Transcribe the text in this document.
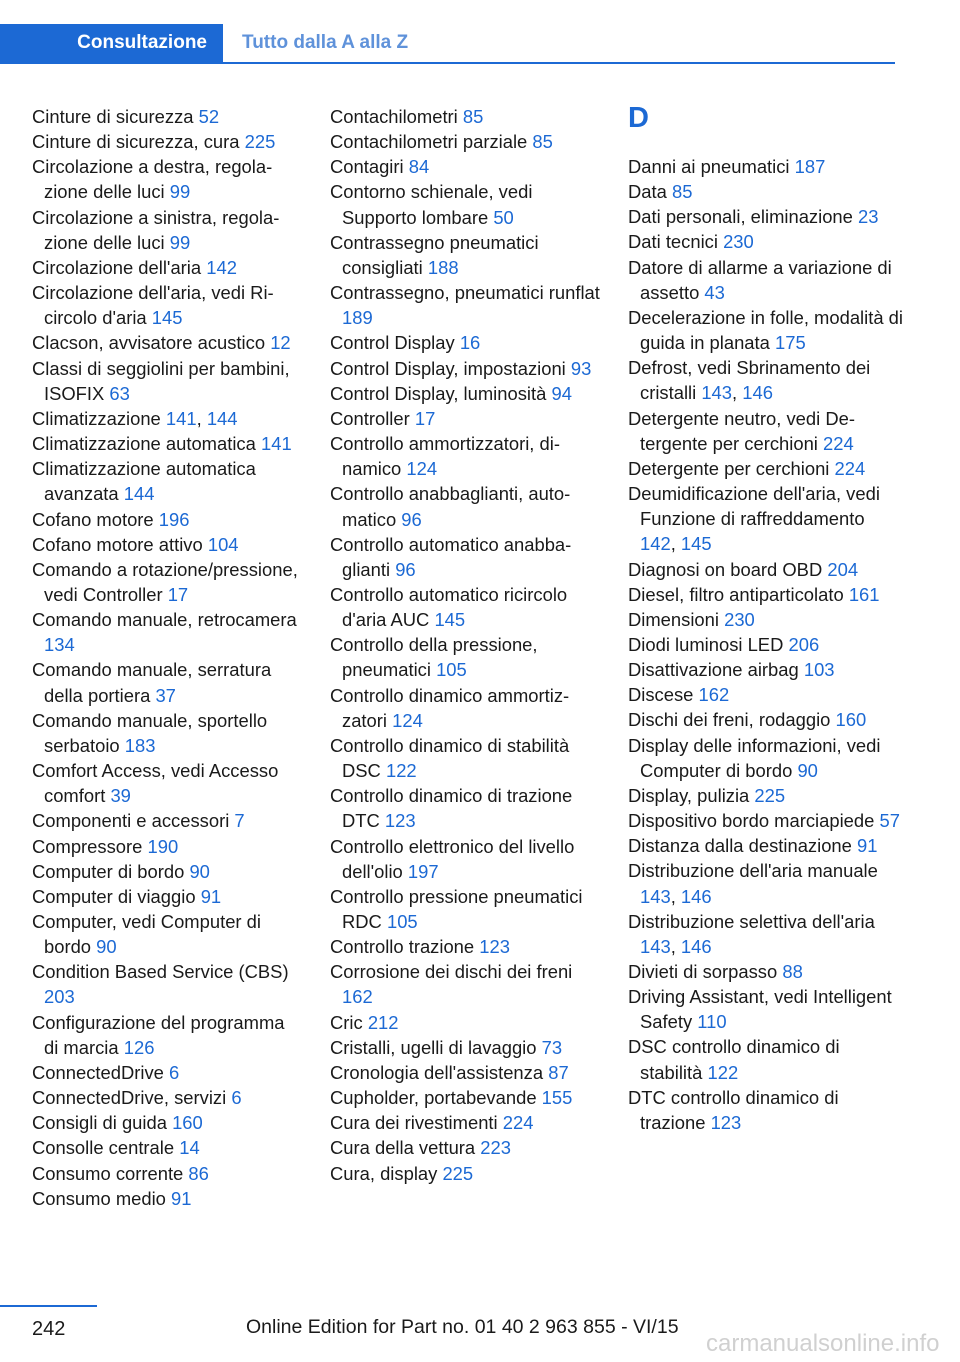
Consultazione	Tutto dalla A alla Z
Cinture di sicurezza 52
Cinture di sicurezza, cura 225
Circolazione a destra, regolazione delle luci 99
Circolazione a sinistra, regolazione delle luci 99
Circolazione dell'aria 142
Circolazione dell'aria, vedi Ricircolo d'aria 145
Clacson, avvisatore acustico 12
Classi di seggiolini per bambini, ISOFIX 63
Climatizzazione 141, 144
Climatizzazione automatica 141
Climatizzazione automatica avanzata 144
Cofano motore 196
Cofano motore attivo 104
Comando a rotazione/pressione, vedi Controller 17
Comando manuale, retrocamera 134
Comando manuale, serratura della portiera 37
Comando manuale, sportello serbatoio 183
Comfort Access, vedi Accesso comfort 39
Componenti e accessori 7
Compressore 190
Computer di bordo 90
Computer di viaggio 91
Computer, vedi Computer di bordo 90
Condition Based Service (CBS) 203
Configurazione del programma di marcia 126
ConnectedDrive 6
ConnectedDrive, servizi 6
Consigli di guida 160
Consolle centrale 14
Consumo corrente 86
Consumo medio 91
Contachilometri 85
Contachilometri parziale 85
Contagiri 84
Contorno schienale, vedi Supporto lombare 50
Contrassegno pneumatici consigliati 188
Contrassegno, pneumatici runflat 189
Control Display 16
Control Display, impostazioni 93
Control Display, luminosità 94
Controller 17
Controllo ammortizzatori, dinamico 124
Controllo anabbaglianti, automatico 96
Controllo automatico anabbaglianti 96
Controllo automatico ricircolo d'aria AUC 145
Controllo della pressione, pneumatici 105
Controllo dinamico ammortizzatori 124
Controllo dinamico di stabilità DSC 122
Controllo dinamico di trazione DTC 123
Controllo elettronico del livello dell'olio 197
Controllo pressione pneumatici RDC 105
Controllo trazione 123
Corrosione dei dischi dei freni 162
Cric 212
Cristalli, ugelli di lavaggio 73
Cronologia dell'assistenza 87
Cupholder, portabevande 155
Cura dei rivestimenti 224
Cura della vettura 223
Cura, display 225
D
Danni ai pneumatici 187
Data 85
Dati personali, eliminazione 23
Dati tecnici 230
Datore di allarme a variazione di assetto 43
Decelerazione in folle, modalità di guida in planata 175
Defrost, vedi Sbrinamento dei cristalli 143, 146
Detergente neutro, vedi Detergente per cerchioni 224
Detergente per cerchioni 224
Deumidificazione dell'aria, vedi Funzione di raffreddamento 142, 145
Diagnosi on board OBD 204
Diesel, filtro antiparticolato 161
Dimensioni 230
Diodi luminosi LED 206
Disattivazione airbag 103
Discese 162
Dischi dei freni, rodaggio 160
Display delle informazioni, vedi Computer di bordo 90
Display, pulizia 225
Dispositivo bordo marciapiede 57
Distanza dalla destinazione 91
Distribuzione dell'aria manuale 143, 146
Distribuzione selettiva dell'aria 143, 146
Divieti di sorpasso 88
Driving Assistant, vedi Intelligent Safety 110
DSC controllo dinamico di stabilità 122
DTC controllo dinamico di trazione 123
242	Online Edition for Part no. 01 40 2 963 855 - VI/15
carmanualsonline.info
